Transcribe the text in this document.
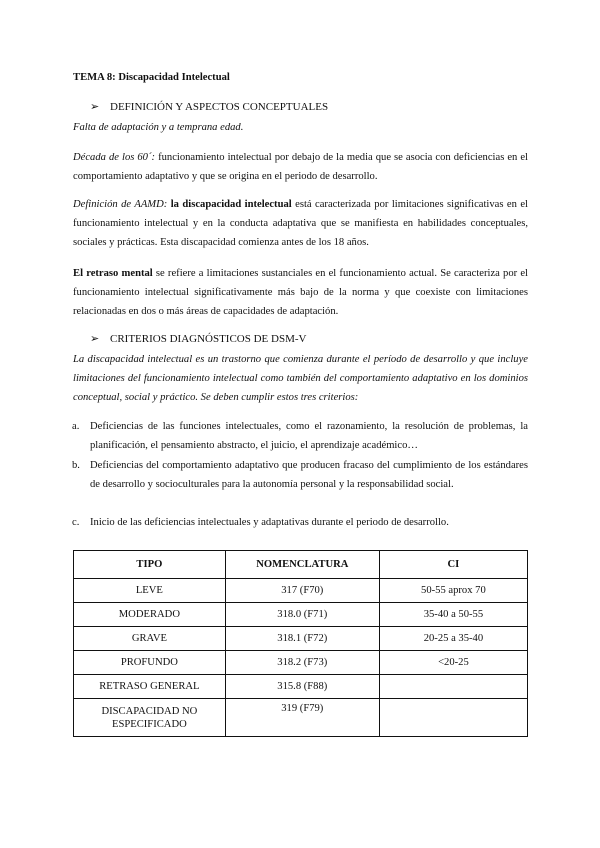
TEMA 8: Discapacidad Intelectual

➢ DEFINICIÓN Y ASPECTOS CONCEPTUALES

Falta de adaptación y a temprana edad.

Década de los 60´: funcionamiento intelectual por debajo de la media que se asocia con deficiencias en el comportamiento adaptativo y que se origina en el periodo de desarrollo.

Definición de AAMD: la discapacidad intelectual está caracterizada por limitaciones significativas en el funcionamiento intelectual y en la conducta adaptativa que se manifiesta en habilidades conceptuales, sociales y prácticas. Esta discapacidad comienza antes de los 18 años.

El retraso mental se refiere a limitaciones sustanciales en el funcionamiento actual. Se caracteriza por el funcionamiento intelectual significativamente más bajo de la norma y que coexiste con limitaciones relacionadas en dos o más áreas de capacidades de adaptación.

➢ CRITERIOS DIAGNÓSTICOS DE DSM-V

La discapacidad intelectual es un trastorno que comienza durante el período de desarrollo y que incluye limitaciones del funcionamiento intelectual como también del comportamiento adaptativo en los dominios conceptual, social y práctico. Se deben cumplir estos tres criterios:

a. Deficiencias de las funciones intelectuales, como el razonamiento, la resolución de problemas, la planificación, el pensamiento abstracto, el juicio, el aprendizaje académico…
b. Deficiencias del comportamiento adaptativo que producen fracaso del cumplimiento de los estándares de desarrollo y socioculturales para la autonomía personal y la responsabilidad social.
c. Inicio de las deficiencias intelectuales y adaptativas durante el periodo de desarrollo.
TIPO	NOMENCLATURA	CI
LEVE	317 (F70)	50-55 aprox 70
MODERADO	318.0 (F71)	35-40 a 50-55
GRAVE	318.1 (F72)	20-25 a 35-40
PROFUNDO	318.2 (F73)	<20-25
RETRASO GENERAL	315.8 (F88)	
DISCAPACIDAD NO ESPECIFICADO	319 (F79)	
